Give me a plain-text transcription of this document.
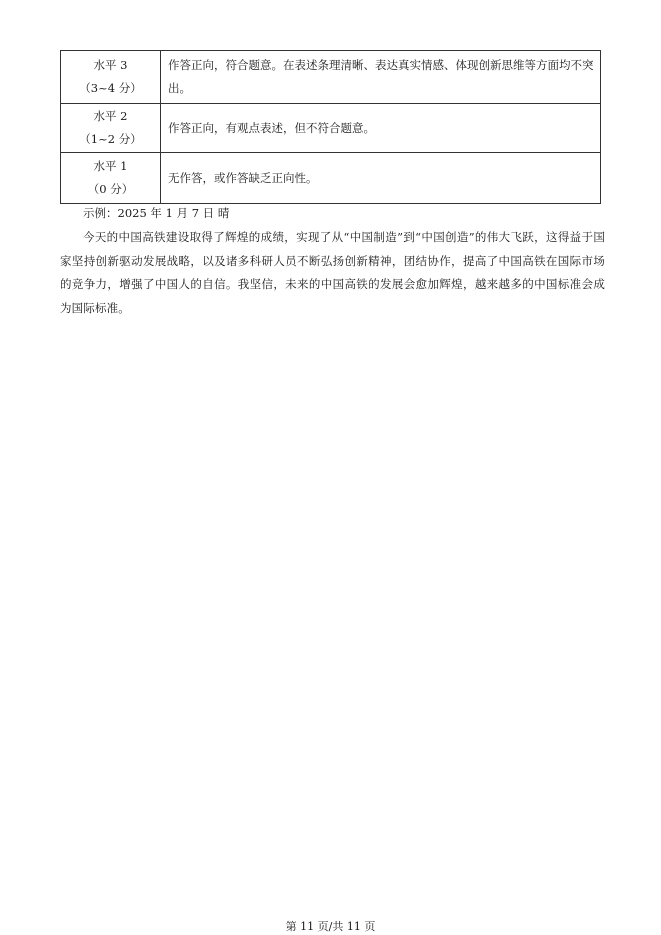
水平 3
（3~4 分）	作答正向，符合题意。在表述条理清晰、表达真实情感、体现创新思维等方面均不突出。

水平 2
（1~2 分）	作答正向，有观点表述，但不符合题意。

水平 1
（0 分）	无作答，或作答缺乏正向性。
示例：2025 年 1 月 7 日 晴
今天的中国高铁建设取得了辉煌的成绩，实现了从“中国制造”到“中国创造”的伟大飞跃，这得益于国家坚持创新驱动发展战略，以及诸多科研人员不断弘扬创新精神，团结协作，提高了中国高铁在国际市场的竞争力，增强了中国人的自信。我坚信，未来的中国高铁的发展会愈加辉煌，越来越多的中国标准会成为国际标准。
第 11 页/共 11 页
